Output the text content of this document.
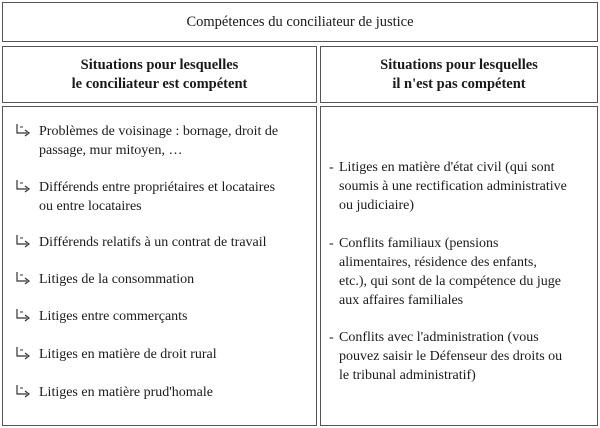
Compétences du conciliateur de justice
Situations pour lesquelles
le conciliateur est compétent
Situations pour lesquelles
il n'est pas compétent
Problèmes de voisinage : bornage, droit de
passage, mur mitoyen, …
Différends entre propriétaires et locataires
ou entre locataires
Différends relatifs à un contrat de travail
Litiges de la consommation
Litiges entre commerçants
Litiges en matière de droit rural
Litiges en matière prud'homale
- Litiges en matière d'état civil (qui sont
soumis à une rectification administrative
ou judiciaire)
- Conflits familiaux (pensions
alimentaires, résidence des enfants,
etc.), qui sont de la compétence du juge
aux affaires familiales
- Conflits avec l'administration (vous
pouvez saisir le Défenseur des droits ou
le tribunal administratif)
